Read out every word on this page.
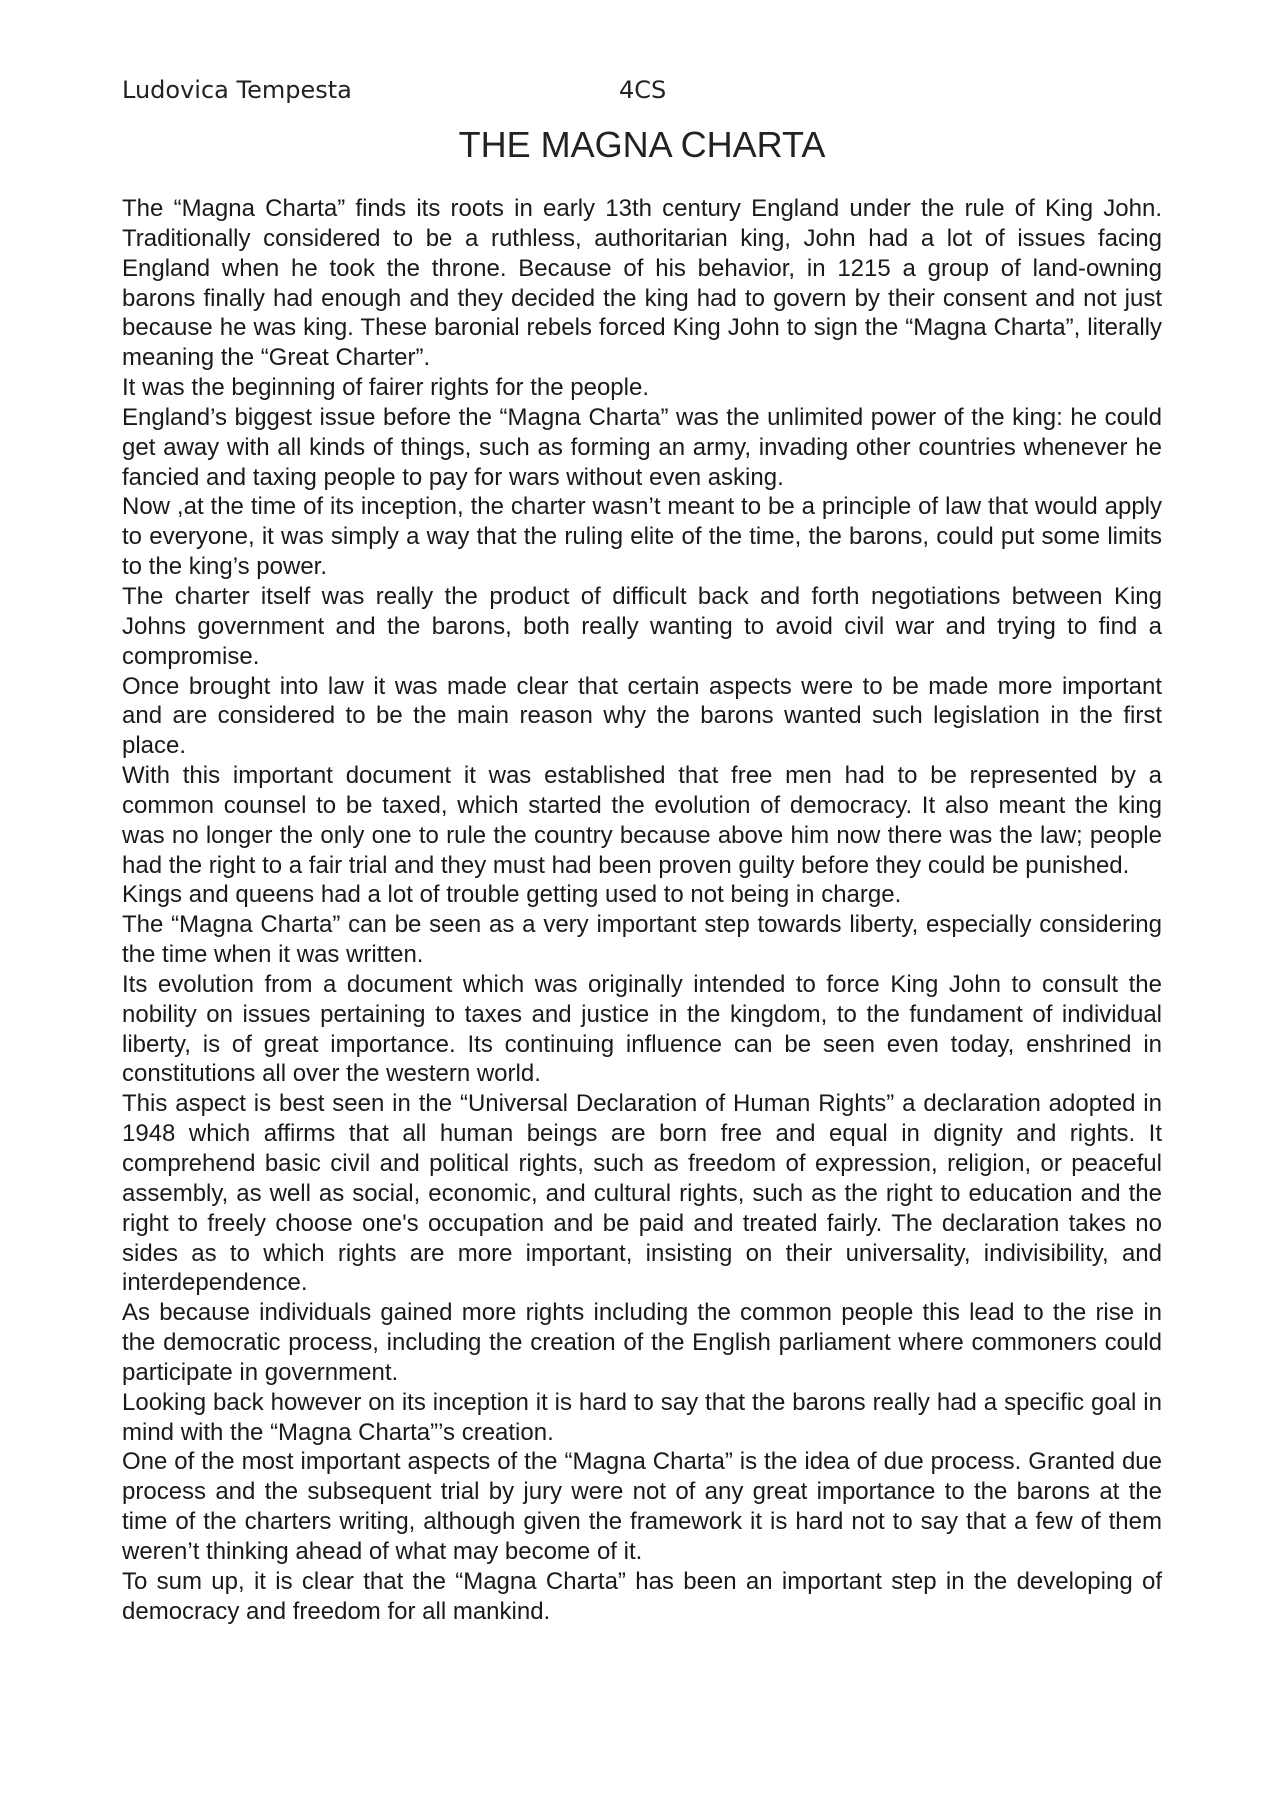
Ludovica Tempesta	4CS
THE MAGNA CHARTA

The “Magna Charta” finds its roots in early 13th century England under the rule of King John. Traditionally considered to be a ruthless, authoritarian king, John had a lot of issues facing England when he took the throne. Because of his behavior, in 1215 a group of land-owning barons finally had enough and they decided the king had to govern by their consent and not just because he was king. These baronial rebels forced King John to sign the “Magna Charta”, literally meaning the “Great Charter”.

It was the beginning of fairer rights for the people.

England’s biggest issue before the “Magna Charta” was the unlimited power of the king: he could get away with all kinds of things, such as forming an army, invading other countries whenever he fancied and taxing people to pay for wars without even asking.

Now ,at the time of its inception, the charter wasn’t meant to be a principle of law that would apply to everyone, it was simply a way that the ruling elite of the time, the barons, could put some limits to the king’s power.

The charter itself was really the product of difficult back and forth negotiations between King Johns government and the barons, both really wanting to avoid civil war and trying to find a compromise.

Once brought into law it was made clear that certain aspects were to be made more important and are considered to be the main reason why the barons wanted such legislation in the first place.

With this important document it was established that free men had to be represented by a common counsel to be taxed, which started the evolution of democracy. It also meant the king was no longer the only one to rule the country because above him now there was the law; people had the right to a fair trial and they must had been proven guilty before they could be punished.

Kings and queens had a lot of trouble getting used to not being in charge.

The “Magna Charta” can be seen as a very important step towards liberty, especially considering the time when it was written.

Its evolution from a document which was originally intended to force King John to consult the nobility on issues pertaining to taxes and justice in the kingdom, to the fundament of individual liberty, is of great importance. Its continuing influence can be seen even today, enshrined in constitutions all over the western world.

This aspect is best seen in the “Universal Declaration of Human Rights” a declaration adopted in 1948 which affirms that all human beings are born free and equal in dignity and rights. It comprehend basic civil and political rights, such as freedom of expression, religion, or peaceful assembly, as well as social, economic, and cultural rights, such as the right to education and the right to freely choose one's occupation and be paid and treated fairly. The declaration takes no sides as to which rights are more important, insisting on their universality, indivisibility, and interdependence.

As because individuals gained more rights including the common people this lead to the rise in the democratic process, including the creation of the English parliament where commoners could participate in government.

Looking back however on its inception it is hard to say that the barons really had a specific goal in mind with the “Magna Charta”’s creation.

One of the most important aspects of the “Magna Charta” is the idea of due process. Granted due process and the subsequent trial by jury were not of any great importance to the barons at the time of the charters writing, although given the framework it is hard not to say that a few of them weren’t thinking ahead of what may become of it.

To sum up, it is clear that the “Magna Charta” has been an important step in the developing of democracy and freedom for all mankind.
